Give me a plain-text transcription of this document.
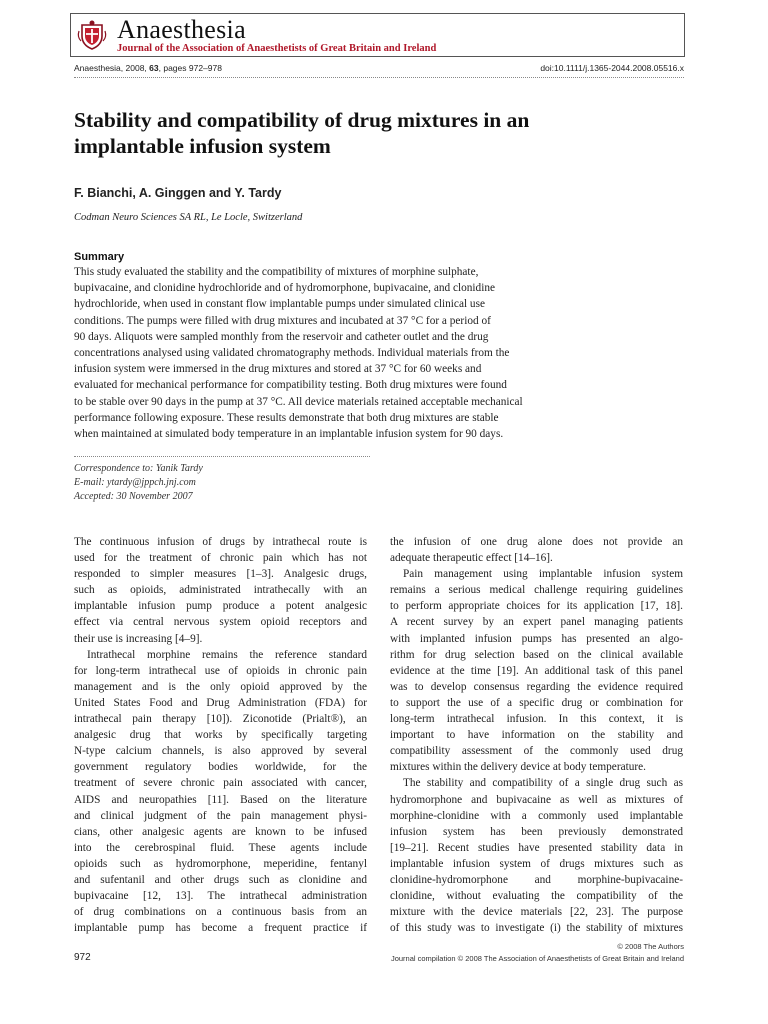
Anaesthesia
Journal of the Association of Anaesthetists of Great Britain and Ireland
Anaesthesia, 2008, 63, pages 972–978	doi:10.1111/j.1365-2044.2008.05516.x
Stability and compatibility of drug mixtures in an
implantable infusion system
F. Bianchi, A. Ginggen and Y. Tardy
Codman Neuro Sciences SA RL, Le Locle, Switzerland
Summary
This study evaluated the stability and the compatibility of mixtures of morphine sulphate,
bupivacaine, and clonidine hydrochloride and of hydromorphone, bupivacaine, and clonidine
hydrochloride, when used in constant flow implantable pumps under simulated clinical use
conditions. The pumps were filled with drug mixtures and incubated at 37 °C for a period of
90 days. Aliquots were sampled monthly from the reservoir and catheter outlet and the drug
concentrations analysed using validated chromatography methods. Individual materials from the
infusion system were immersed in the drug mixtures and stored at 37 °C for 60 weeks and
evaluated for mechanical performance for compatibility testing. Both drug mixtures were found
to be stable over 90 days in the pump at 37 °C. All device materials retained acceptable mechanical
performance following exposure. These results demonstrate that both drug mixtures are stable
when maintained at simulated body temperature in an implantable infusion system for 90 days.
Correspondence to: Yanik Tardy
E-mail: ytardy@jppch.jnj.com
Accepted: 30 November 2007
The continuous infusion of drugs by intrathecal route is
used for the treatment of chronic pain which has not
responded to simpler measures [1–3]. Analgesic drugs,
such as opioids, administrated intrathecally with an
implantable infusion pump produce a potent analgesic
effect via central nervous system opioid receptors and
their use is increasing [4–9].
Intrathecal morphine remains the reference standard
for long-term intrathecal use of opioids in chronic pain
management and is the only opioid approved by the
United States Food and Drug Administration (FDA) for
intrathecal pain therapy [10]). Ziconotide (Prialt®), an
analgesic drug that works by specifically targeting
N-type calcium channels, is also approved by several
government regulatory bodies worldwide, for the
treatment of severe chronic pain associated with cancer,
AIDS and neuropathies [11]. Based on the literature
and clinical judgment of the pain management physi-
cians, other analgesic agents are known to be infused
into the cerebrospinal fluid. These agents include
opioids such as hydromorphone, meperidine, fentanyl
and sufentanil and other drugs such as clonidine and
bupivacaine [12, 13]. The intrathecal administration
of drug combinations on a continuous basis from an
implantable pump has become a frequent practice if
the infusion of one drug alone does not provide an
adequate therapeutic effect [14–16].
Pain management using implantable infusion system
remains a serious medical challenge requiring guidelines
to perform appropriate choices for its application [17, 18].
A recent survey by an expert panel managing patients
with implanted infusion pumps has presented an algo-
rithm for drug selection based on the clinical available
evidence at the time [19]. An additional task of this panel
was to develop consensus regarding the evidence required
to support the use of a specific drug or combination for
long-term intrathecal infusion. In this context, it is
important to have information on the stability and
compatibility assessment of the commonly used drug
mixtures within the delivery device at body temperature.
The stability and compatibility of a single drug such as
hydromorphone and bupivacaine as well as mixtures of
morphine-clonidine with a commonly used implantable
infusion system has been previously demonstrated
[19–21]. Recent studies have presented stability data in
implantable infusion system of drugs mixtures such as
clonidine-hydromorphone and morphine-bupivacaine-
clonidine, without evaluating the compatibility of the
mixture with the device materials [22, 23]. The purpose
of this study was to investigate (i) the stability of mixtures
972
© 2008 The Authors
Journal compilation © 2008 The Association of Anaesthetists of Great Britain and Ireland
